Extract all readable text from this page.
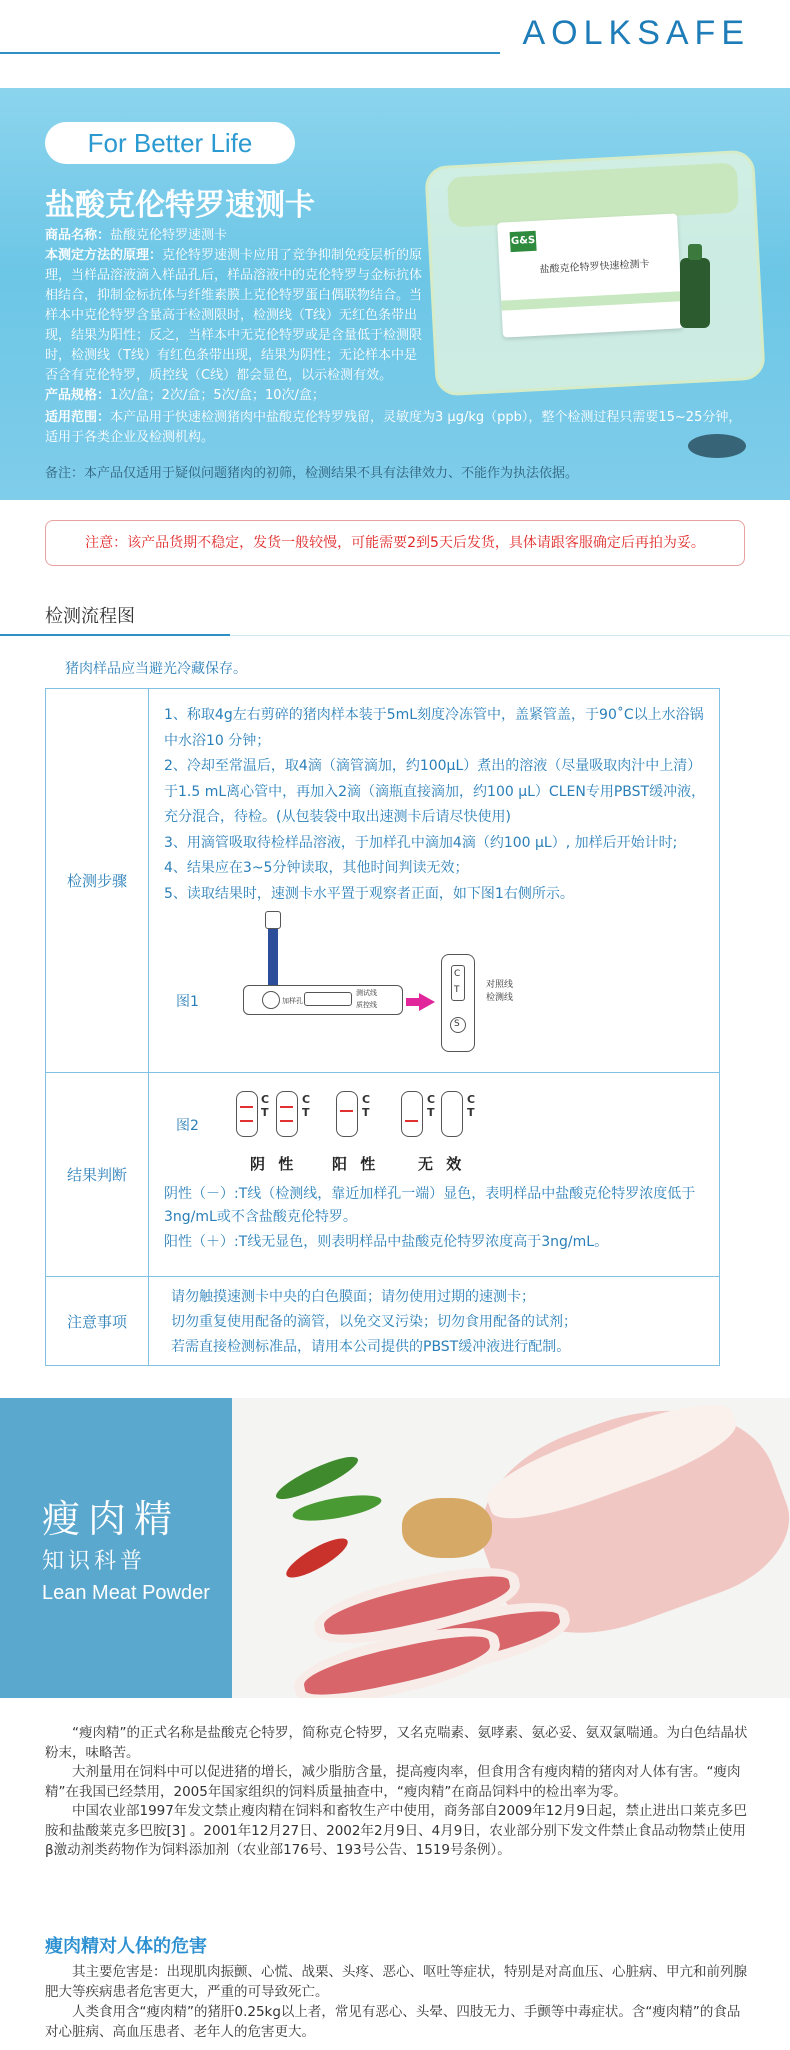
AOLKSAFE
For Better Life
盐酸克伦特罗速测卡
商品名称：盐酸克伦特罗速测卡
本测定方法的原理：克伦特罗速测卡应用了竞争抑制免疫层析的原理，当样品溶液滴入样品孔后，样品溶液中的克伦特罗与金标抗体相结合，抑制金标抗体与纤维素膜上克伦特罗蛋白偶联物结合。当样本中克伦特罗含量高于检测限时，检测线（T线）无红色条带出现，结果为阳性；反之，当样本中无克伦特罗或是含量低于检测限时，检测线（T线）有红色条带出现，结果为阴性；无论样本中是否含有克伦特罗，质控线（C线）都会显色，以示检测有效。
产品规格：1次/盒；2次/盒；5次/盒；10次/盒；
适用范围：本产品用于快速检测猪肉中盐酸克伦特罗残留，灵敏度为3 μg/kg（ppb），整个检测过程只需要15~25分钟，适用于各类企业及检测机构。
备注：本产品仅适用于疑似问题猪肉的初筛，检测结果不具有法律效力、不能作为执法依据。
G&S
盐酸克伦特罗快速检测卡
注意：该产品货期不稳定，发货一般较慢，可能需要2到5天后发货，具体请跟客服确定后再拍为妥。
检测流程图
猪肉样品应当避光冷藏保存。
检测步骤
1、称取4g左右剪碎的猪肉样本装于5mL刻度冷冻管中，盖紧管盖，于90˚C以上水浴锅中水浴10 分钟；
2、冷却至常温后，取4滴（滴管滴加，约100μL）煮出的溶液（尽量吸取肉汁中上清）于1.5 mL离心管中，再加入2滴（滴瓶直接滴加，约100 μL）CLEN专用PBST缓冲液，充分混合，待检。(从包装袋中取出速测卡后请尽快使用)
3、用滴管吸取待检样品溶液，于加样孔中滴加4滴（约100 μL）, 加样后开始计时;
4、结果应在3~5分钟读取，其他时间判读无效；
5、读取结果时，速测卡水平置于观察者正面，如下图1右侧所示。
图1	加样孔
测试线
质控线
C
T
S
对照线
检测线
结果判断
图2
C
T
C
T
C
T
C
T
C
T
阴 性 阳 性	无 效
阴性（－）:T线（检测线，靠近加样孔一端）显色，表明样品中盐酸克伦特罗浓度低于3ng/mL或不含盐酸克伦特罗。
阳性（＋）:T线无显色，则表明样品中盐酸克伦特罗浓度高于3ng/mL。
注意事项
请勿触摸速测卡中央的白色膜面；请勿使用过期的速测卡；
切勿重复使用配备的滴管，以免交叉污染；切勿食用配备的试剂；
若需直接检测标准品，请用本公司提供的PBST缓冲液进行配制。
瘦肉精
知识科普
Lean Meat Powder

“瘦肉精”的正式名称是盐酸克仑特罗，简称克仑特罗，又名克喘素、氨哮素、氨必妥、氨双氯喘通。为白色结晶状粉末，味略苦。

大剂量用在饲料中可以促进猪的增长，减少脂肪含量，提高瘦肉率，但食用含有瘦肉精的猪肉对人体有害。“瘦肉精”在我国已经禁用，2005年国家组织的饲料质量抽查中，“瘦肉精”在商品饲料中的检出率为零。

中国农业部1997年发文禁止瘦肉精在饲料和畜牧生产中使用，商务部自2009年12月9日起，禁止进出口莱克多巴胺和盐酸莱克多巴胺[3] 。2001年12月27日、2002年2月9日、4月9日，农业部分别下发文件禁止食品动物禁止使用β激动剂类药物作为饲料添加剂（农业部176号、193号公告、1519号条例）。

瘦肉精对人体的危害

其主要危害是：出现肌肉振颤、心慌、战栗、头疼、恶心、呕吐等症状，特别是对高血压、心脏病、甲亢和前列腺肥大等疾病患者危害更大，严重的可导致死亡。

人类食用含“瘦肉精”的猪肝0.25kg以上者，常见有恶心、头晕、四肢无力、手颤等中毒症状。含“瘦肉精”的食品对心脏病、高血压患者、老年人的危害更大。
